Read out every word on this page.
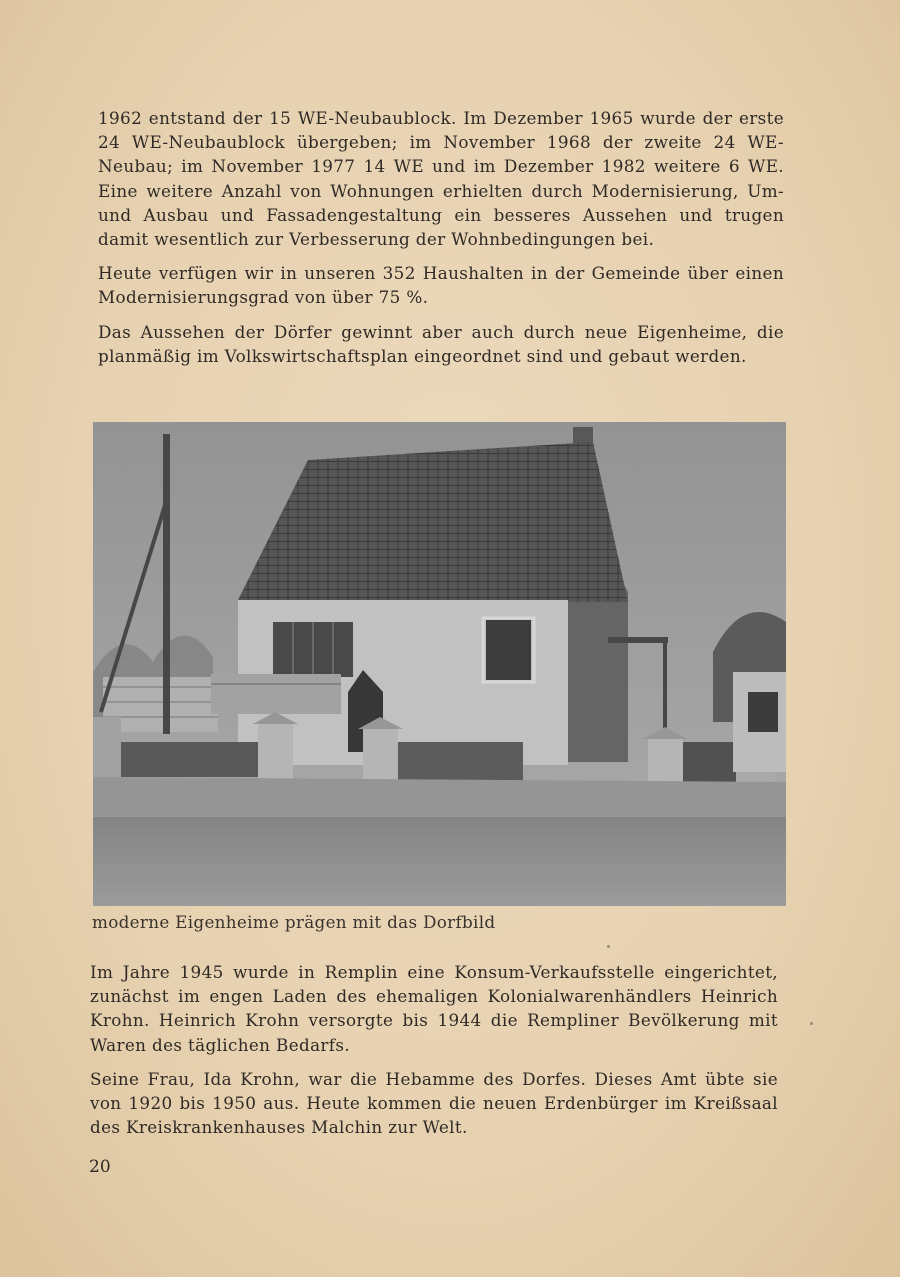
1962 entstand der 15 WE-Neubaublock. Im Dezember 1965 wurde der erste 24 WE-Neubaublock übergeben; im November 1968 der zweite 24 WE-Neubau; im November 1977 14 WE und im Dezember 1982 weitere 6 WE. Eine weitere Anzahl von Wohnungen erhielten durch Modernisierung, Um- und Ausbau und Fassadengestaltung ein besseres Aussehen und trugen damit wesentlich zur Verbesserung der Wohnbedingungen bei.

Heute verfügen wir in unseren 352 Haushalten in der Gemeinde über einen Modernisierungsgrad von über 75 %.

Das Aussehen der Dörfer gewinnt aber auch durch neue Eigenheime, die planmäßig im Volkswirtschaftsplan eingeordnet sind und gebaut werden.

moderne Eigenheime prägen mit das Dorfbild

Im Jahre 1945 wurde in Remplin eine Konsum-Verkaufsstelle eingerichtet, zunächst im engen Laden des ehemaligen Kolonialwarenhändlers Heinrich Krohn. Heinrich Krohn versorgte bis 1944 die Rempliner Bevölkerung mit Waren des täglichen Bedarfs.

Seine Frau, Ida Krohn, war die Hebamme des Dorfes. Dieses Amt übte sie von 1920 bis 1950 aus. Heute kommen die neuen Erdenbürger im Kreißsaal des Kreiskrankenhauses Malchin zur Welt.

20
